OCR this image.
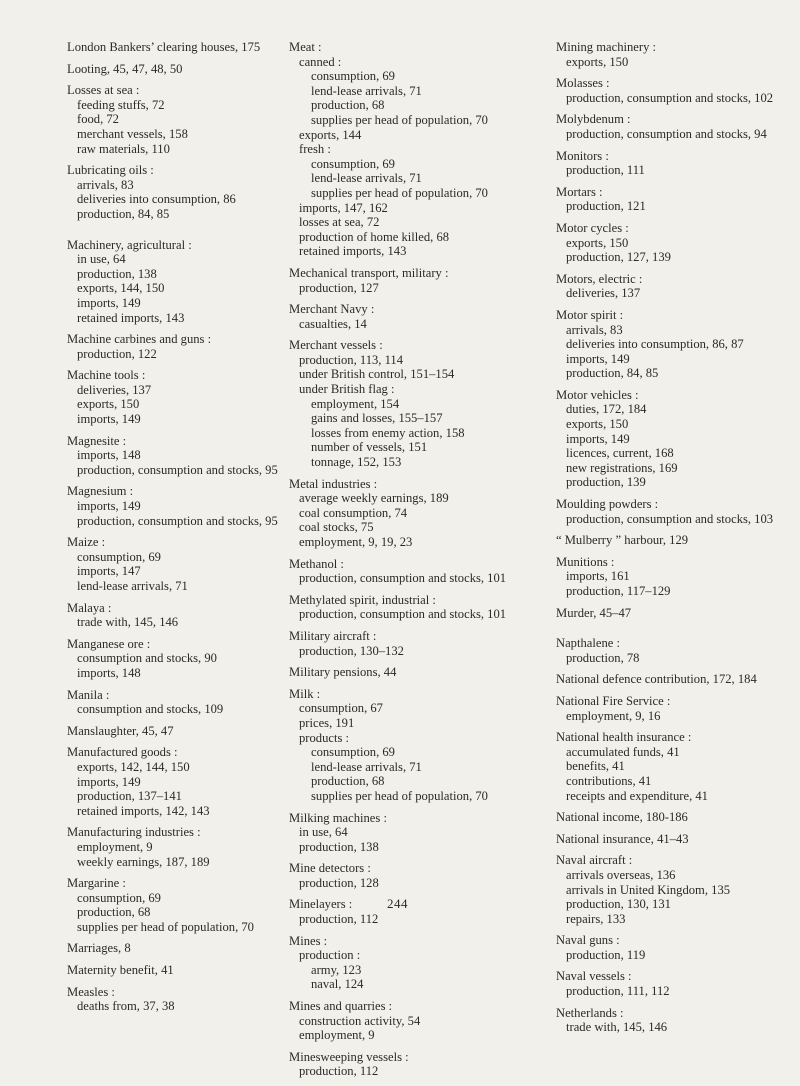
London Bankers’ clearing houses, 175
Looting, 45, 47, 48, 50
Losses at sea :
feeding stuffs, 72
food, 72
merchant vessels, 158
raw materials, 110
Lubricating oils :
arrivals, 83
deliveries into consumption, 86
production, 84, 85
Machinery, agricultural :
in use, 64
production, 138
exports, 144, 150
imports, 149
retained imports, 143
Machine carbines and guns :
production, 122
Machine tools :
deliveries, 137
exports, 150
imports, 149
Magnesite :
imports, 148
production, consumption and stocks, 95
Magnesium :
imports, 149
production, consumption and stocks, 95
Maize :
consumption, 69
imports, 147
lend-lease arrivals, 71
Malaya :
trade with, 145, 146
Manganese ore :
consumption and stocks, 90
imports, 148
Manila :
consumption and stocks, 109
Manslaughter, 45, 47
Manufactured goods :
exports, 142, 144, 150
imports, 149
production, 137–141
retained imports, 142, 143
Manufacturing industries :
employment, 9
weekly earnings, 187, 189
Margarine :
consumption, 69
production, 68
supplies per head of population, 70
Marriages, 8
Maternity benefit, 41
Measles :
deaths from, 37, 38
Meat :
canned :
consumption, 69
lend-lease arrivals, 71
production, 68
supplies per head of population, 70
exports, 144
fresh :
consumption, 69
lend-lease arrivals, 71
supplies per head of population, 70
imports, 147, 162
losses at sea, 72
production of home killed, 68
retained imports, 143
Mechanical transport, military :
production, 127
Merchant Navy :
casualties, 14
Merchant vessels :
production, 113, 114
under British control, 151–154
under British flag :
employment, 154
gains and losses, 155–157
losses from enemy action, 158
number of vessels, 151
tonnage, 152, 153
Metal industries :
average weekly earnings, 189
coal consumption, 74
coal stocks, 75
employment, 9, 19, 23
Methanol :
production, consumption and stocks, 101
Methylated spirit, industrial :
production, consumption and stocks, 101
Military aircraft :
production, 130–132
Military pensions, 44
Milk :
consumption, 67
prices, 191
products :
consumption, 69
lend-lease arrivals, 71
production, 68
supplies per head of population, 70
Milking machines :
in use, 64
production, 138
Mine detectors :
production, 128
Minelayers :
production, 112
Mines :
production :
army, 123
naval, 124
Mines and quarries :
construction activity, 54
employment, 9
Minesweeping vessels :
production, 112
Mining machinery :
exports, 150
Molasses :
production, consumption and stocks, 102
Molybdenum :
production, consumption and stocks, 94
Monitors :
production, 111
Mortars :
production, 121
Motor cycles :
exports, 150
production, 127, 139
Motors, electric :
deliveries, 137
Motor spirit :
arrivals, 83
deliveries into consumption, 86, 87
imports, 149
production, 84, 85
Motor vehicles :
duties, 172, 184
exports, 150
imports, 149
licences, current, 168
new registrations, 169
production, 139
Moulding powders :
production, consumption and stocks, 103
“ Mulberry ” harbour, 129
Munitions :
imports, 161
production, 117–129
Murder, 45–47
Napthalene :
production, 78
National defence contribution, 172, 184
National Fire Service :
employment, 9, 16
National health insurance :
accumulated funds, 41
benefits, 41
contributions, 41
receipts and expenditure, 41
National income, 180-186
National insurance, 41–43
Naval aircraft :
arrivals overseas, 136
arrivals in United Kingdom, 135
production, 130, 131
repairs, 133
Naval guns :
production, 119
Naval vessels :
production, 111, 112
Netherlands :
trade with, 145, 146
244
